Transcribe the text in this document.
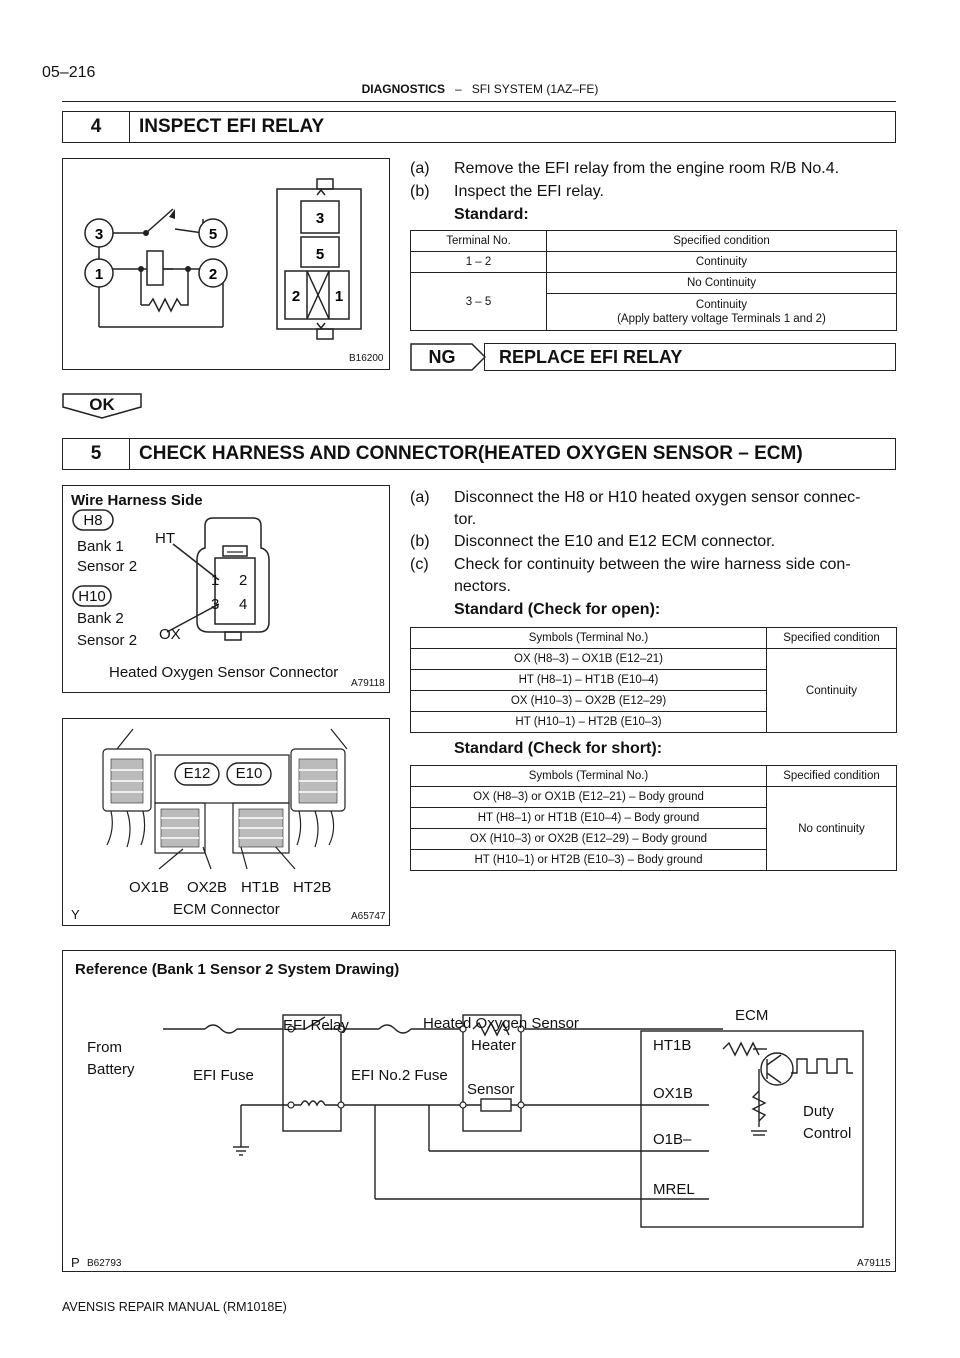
05–216
DIAGNOSTICS – SFI SYSTEM (1AZ–FE)
4	INSPECT EFI RELAY
3	5
1	2
3
5
2 1
B16200
(a) Remove the EFI relay from the engine room R/B No.4.
(b) Inspect the EFI relay.
Standard:
Terminal No.	Specified condition
1 – 2	Continuity
3 – 5	No Continuity
	Continuity
(Apply battery voltage Terminals 1 and 2)
NG	REPLACE EFI RELAY
OK
5	CHECK HARNESS AND CONNECTOR(HEATED OXYGEN SENSOR – ECM)
Wire Harness Side
H8
Bank 1
Sensor 2
H10
Bank 2
Sensor 2
HT
OX
1 2
3 4
Heated Oxygen Sensor Connector
A79118
E12	E10
OX1B OX2B HT1B HT2B
ECM Connector
Y	A65747
(a) Disconnect the H8 or H10 heated oxygen sensor connec-
tor.
(b) Disconnect the E10 and E12 ECM connector.
(c) Check for continuity between the wire harness side con-
nectors.
Standard (Check for open):
Symbols (Terminal No.)	Specified condition
OX (H8–3) – OX1B (E12–21)	Continuity
HT (H8–1) – HT1B (E10–4)	
OX (H10–3) – OX2B (E12–29)	
HT (H10–1) – HT2B (E10–3)	
Standard (Check for short):
Symbols (Terminal No.)	Specified condition
OX (H8–3) or OX1B (E12–21) – Body ground	No continuity
HT (H8–1) or HT1B (E10–4) – Body ground	
OX (H10–3) or OX2B (E12–29) – Body ground	
HT (H10–1) or HT2B (E10–3) – Body ground	
Reference (Bank 1 Sensor 2 System Drawing)
From
Battery	EFI Fuse
EFI Relay
EFI No.2 Fuse
Heated Oxygen Sensor
Heater
Sensor
ECM
HT1B
OX1B
O1B–
MREL
Duty
Control
P B62793	A79115
AVENSIS REPAIR MANUAL (RM1018E)
